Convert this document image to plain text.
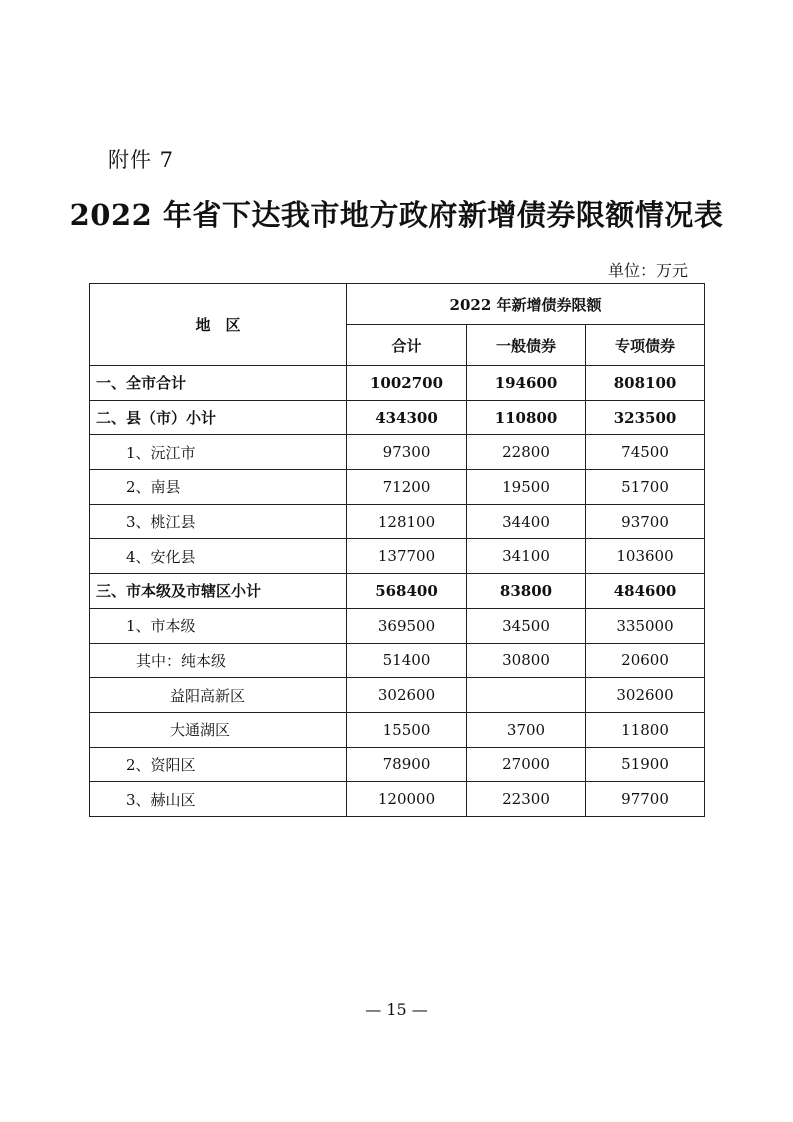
附件 7
2022 年省下达我市地方政府新增债券限额情况表
单位：万元
地　区	2022 年新增债券限额		
	合计	一般债券	专项债券
一、全市合计	1002700	194600	808100
二、县（市）小计	434300	110800	323500
1、沅江市	97300	22800	74500
2、南县	71200	19500	51700
3、桃江县	128100	34400	93700
4、安化县	137700	34100	103600
三、市本级及市辖区小计	568400	83800	484600
1、市本级	369500	34500	335000
其中：纯本级	51400	30800	20600
益阳高新区	302600		302600
大通湖区	15500	3700	11800
2、资阳区	78900	27000	51900
3、赫山区	120000	22300	97700
— 15 —
